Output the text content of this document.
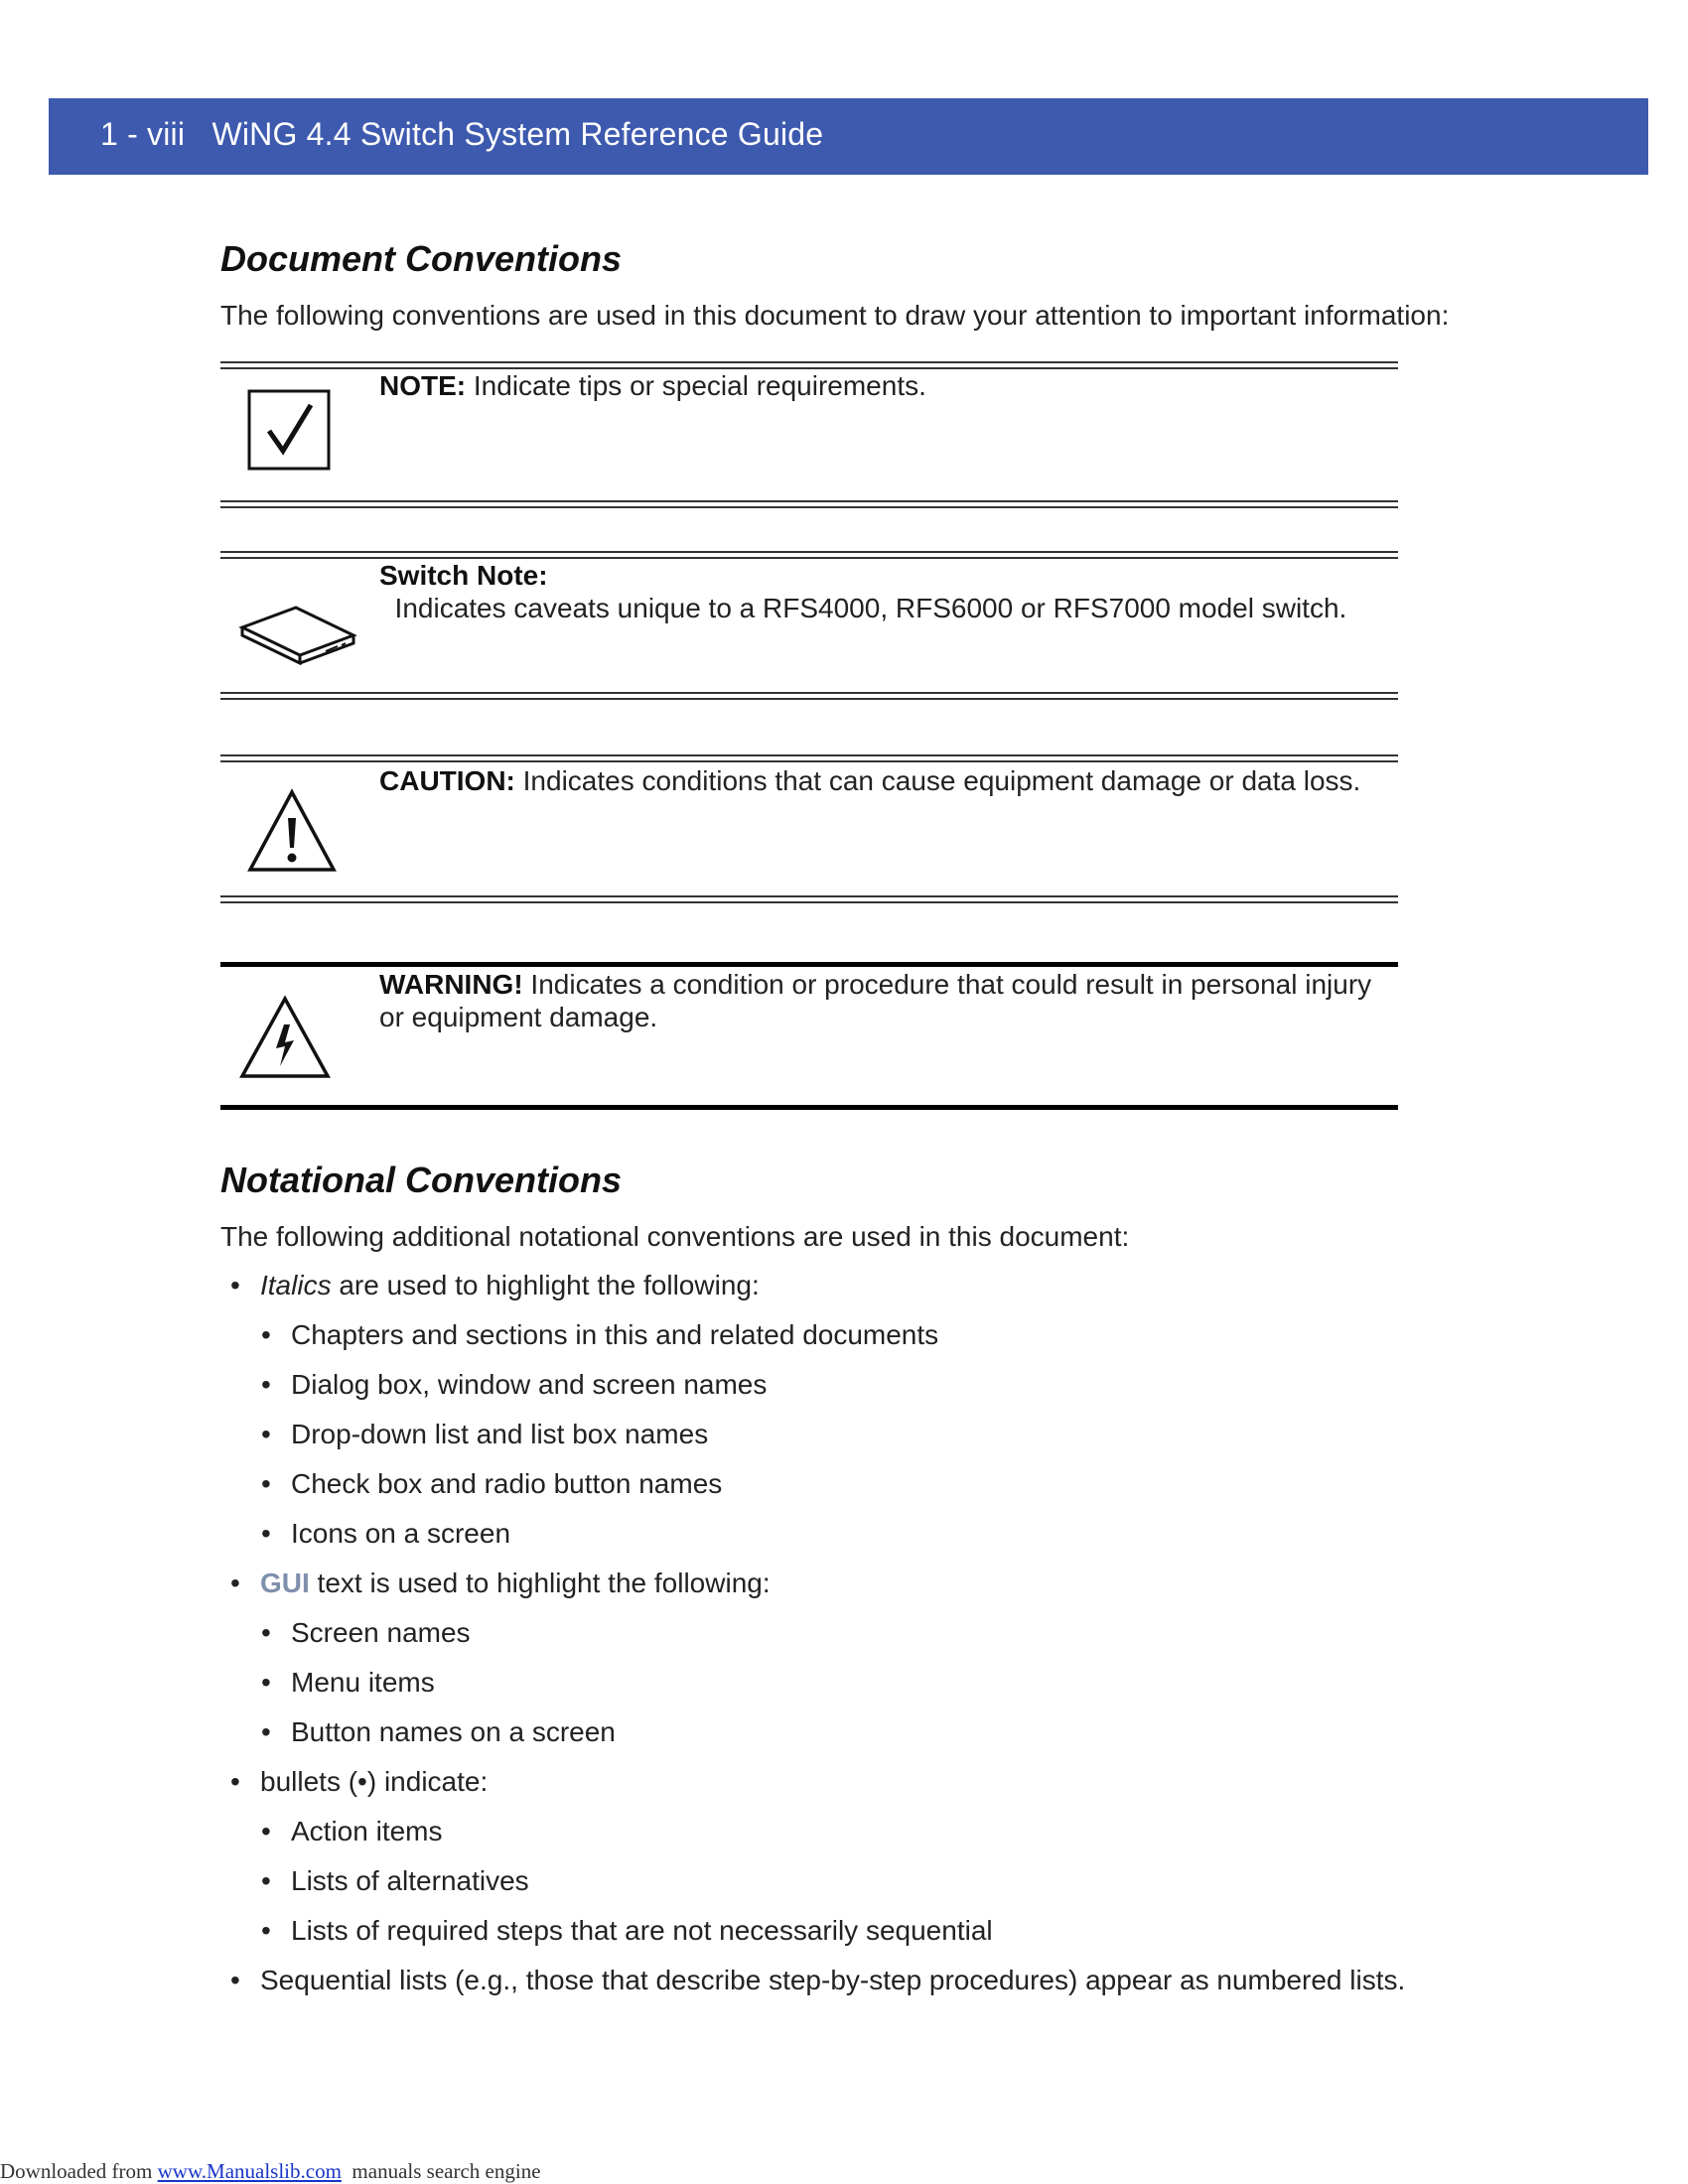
1 - viii WiNG 4.4 Switch System Reference Guide
Document Conventions
The following conventions are used in this document to draw your attention to important information:
NOTE: Indicate tips or special requirements.
Switch Note:  Indicates caveats unique to a RFS4000, RFS6000 or RFS7000 model switch.
CAUTION: Indicates conditions that can cause equipment damage or data loss.
WARNING! Indicates a condition or procedure that could result in personal injury or equipment damage.
Notational Conventions
The following additional notational conventions are used in this document:
• Italics are used to highlight the following:
• Chapters and sections in this and related documents
• Dialog box, window and screen names
• Drop-down list and list box names
• Check box and radio button names
• Icons on a screen
• GUI text is used to highlight the following:
• Screen names
• Menu items
• Button names on a screen
• bullets (•) indicate:
• Action items
• Lists of alternatives
• Lists of required steps that are not necessarily sequential
• Sequential lists (e.g., those that describe step-by-step procedures) appear as numbered lists.
Downloaded from www.Manualslib.com  manuals search engine
